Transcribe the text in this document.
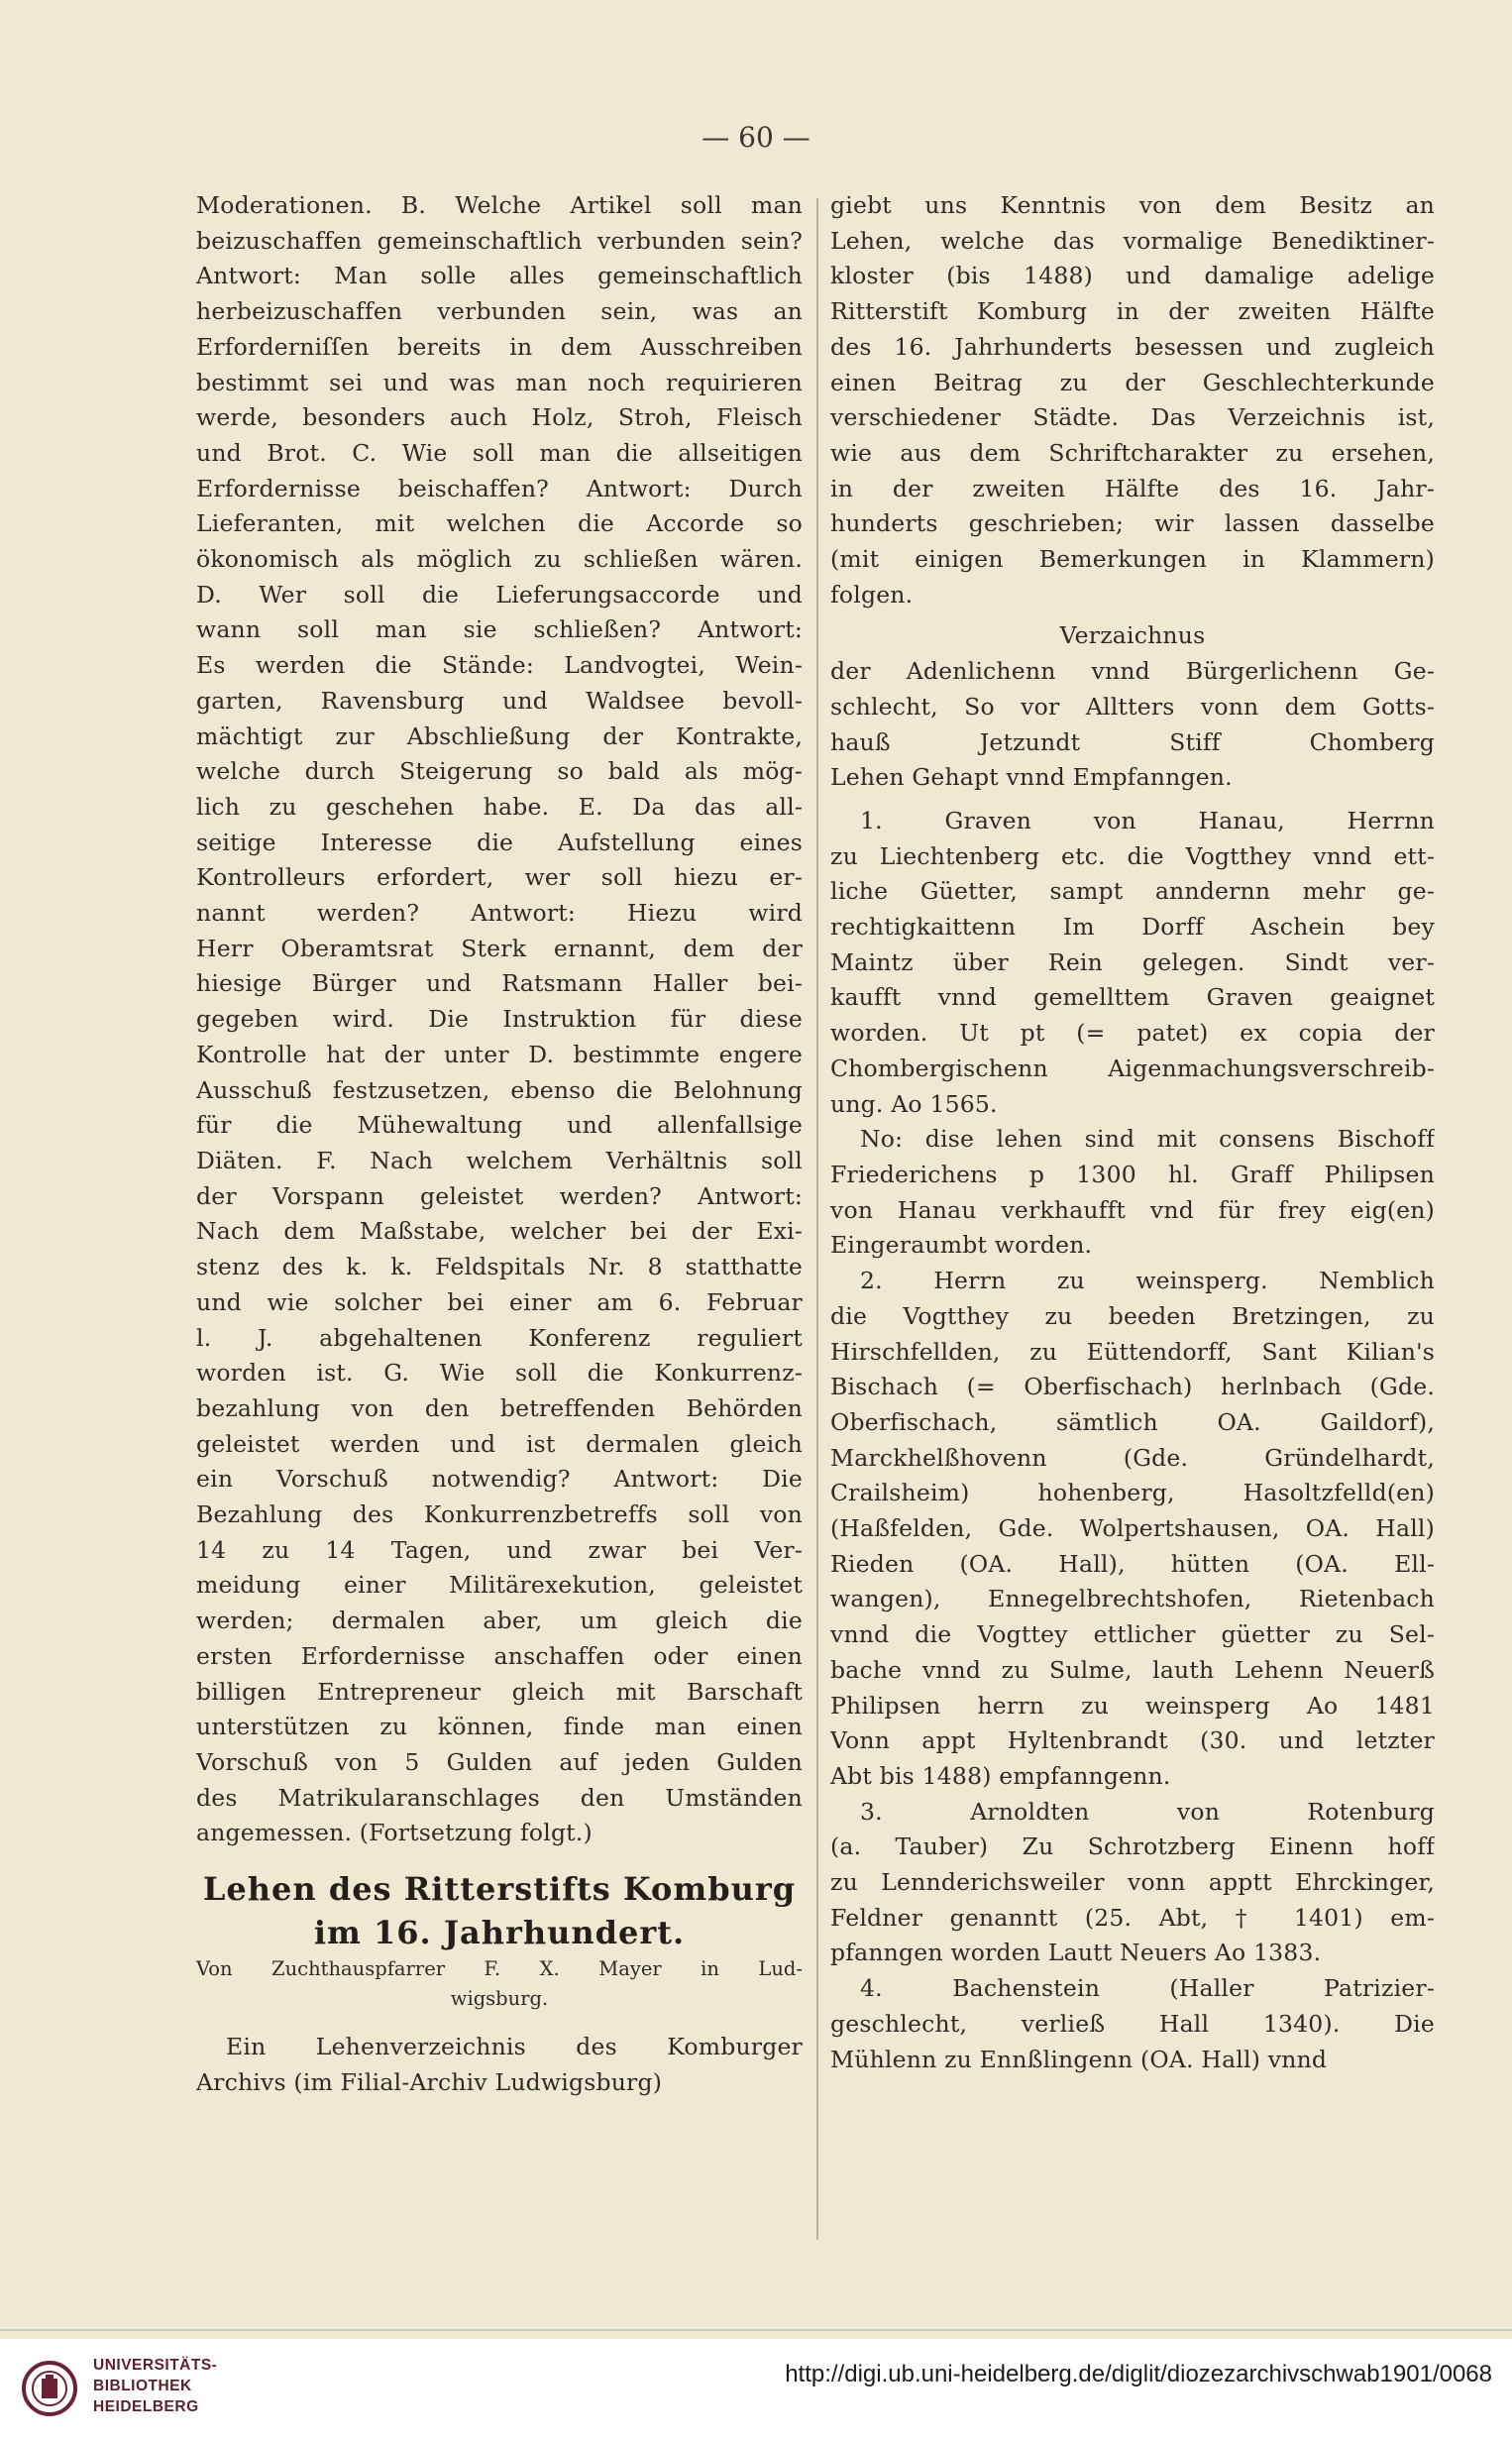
— 60 —
Moderationen. B. Welche Artikel soll man
beizuschaffen gemeinschaftlich verbunden sein?
Antwort: Man solle alles gemeinschaftlich
herbeizuschaffen verbunden sein, was an
Erforderniſſen bereits in dem Ausschreiben
bestimmt sei und was man noch requirieren
werde, besonders auch Holz, Stroh, Fleisch
und Brot. C. Wie soll man die allseitigen
Erfordernisse beischaffen? Antwort: Durch
Lieferanten, mit welchen die Accorde so
ökonomisch als möglich zu schließen wären.
D. Wer soll die Lieferungsaccorde und
wann soll man sie schließen? Antwort:
Es werden die Stände: Landvogtei, Wein-
garten, Ravensburg und Waldsee bevoll-
mächtigt zur Abschließung der Kontrakte,
welche durch Steigerung so bald als mög-
lich zu geschehen habe. E. Da das all-
seitige Interesse die Aufstellung eines
Kontrolleurs erfordert, wer soll hiezu er-
nannt werden? Antwort: Hiezu wird
Herr Oberamtsrat Sterk ernannt, dem der
hiesige Bürger und Ratsmann Haller bei-
gegeben wird. Die Instruktion für diese
Kontrolle hat der unter D. bestimmte engere
Ausschuß festzusetzen, ebenso die Belohnung
für die Mühewaltung und allenfallsige
Diäten. F. Nach welchem Verhältnis soll
der Vorspann geleistet werden? Antwort:
Nach dem Maßstabe, welcher bei der Exi-
stenz des k. k. Feldspitals Nr. 8 statthatte
und wie solcher bei einer am 6. Februar
l. J. abgehaltenen Konferenz reguliert
worden ist. G. Wie soll die Konkurrenz-
bezahlung von den betreffenden Behörden
geleistet werden und ist dermalen gleich
ein Vorschuß notwendig? Antwort: Die
Bezahlung des Konkurrenzbetreffs soll von
14 zu 14 Tagen, und zwar bei Ver-
meidung einer Militärexekution, geleistet
werden; dermalen aber, um gleich die
ersten Erfordernisse anschaffen oder einen
billigen Entrepreneur gleich mit Barschaft
unterstützen zu können, finde man einen
Vorschuß von 5 Gulden auf jeden Gulden
des Matrikularanschlages den Umständen
angemessen. (Fortsetzung folgt.)
Lehen des Ritterstifts Komburg
im 16. Jahrhundert.
Von Zuchthauspfarrer F. X. Mayer in Lud-
wigsburg.
Ein Lehenverzeichnis des Komburger
Archivs (im Filial-Archiv Ludwigsburg)
giebt uns Kenntnis von dem Besitz an
Lehen, welche das vormalige Benediktiner-
kloster (bis 1488) und damalige adelige
Ritterstift Komburg in der zweiten Hälfte
des 16. Jahrhunderts besessen und zugleich
einen Beitrag zu der Geschlechterkunde
verschiedener Städte. Das Verzeichnis ist,
wie aus dem Schriftcharakter zu ersehen,
in der zweiten Hälfte des 16. Jahr-
hunderts geschrieben; wir lassen dasselbe
(mit einigen Bemerkungen in Klammern)
folgen.
Verzaichnus
der Adenlichenn vnnd Bürgerlichenn Ge-
schlecht, So vor Alltters vonn dem Gotts-
hauß Jetzundt Stiff Chomberg
Lehen Gehapt vnnd Empfanngen.
1. Graven von Hanau, Herrnn
zu Liechtenberg etc. die Vogtthey vnnd ett-
liche Güetter, sampt anndernn mehr ge-
rechtigkaittenn Im Dorff Aschein bey
Maintz über Rein gelegen. Sindt ver-
kaufft vnnd gemellttem Graven geaignet
worden. Ut pt (= patet) ex copia der
Chombergischenn Aigenmachungsverschreib-
ung. Ao 1565.
No: dise lehen sind mit consens Bischoff
Friederichens p 1300 hl. Graff Philipsen
von Hanau verkhaufft vnd für frey eig(en)
Eingeraumbt worden.
2. Herrn zu weinsperg. Nemblich
die Vogtthey zu beeden Bretzingen, zu
Hirschfellden, zu Eüttendorff, Sant Kilian's
Bischach (= Oberfischach) herlnbach (Gde.
Oberfischach, sämtlich OA. Gaildorf),
Marckhelßhovenn (Gde. Gründelhardt,
Crailsheim) hohenberg, Hasoltzfelld(en)
(Haßfelden, Gde. Wolpertshausen, OA. Hall)
Rieden (OA. Hall), hütten (OA. Ell-
wangen), Ennegelbrechtshofen, Rietenbach
vnnd die Vogttey ettlicher güetter zu Sel-
bache vnnd zu Sulme, lauth Lehenn Neuerß
Philipsen herrn zu weinsperg Ao 1481
Vonn appt Hyltenbrandt (30. und letzter
Abt bis 1488) empfanngenn.
3. Arnoldten von Rotenburg
(a. Tauber) Zu Schrotzberg Einenn hoff
zu Lennderichsweiler vonn apptt Ehrckinger,
Feldner genanntt (25. Abt, † 1401) em-
pfanngen worden Lautt Neuers Ao 1383.
4. Bachenstein (Haller Patrizier-
geschlecht, verließ Hall 1340). Die
Mühlenn zu Ennßlingenn (OA. Hall) vnnd
UNIVERSITÄTS-
BIBLIOTHEK
HEIDELBERG
http://digi.ub.uni-heidelberg.de/diglit/diozezarchivschwab1901/0068
